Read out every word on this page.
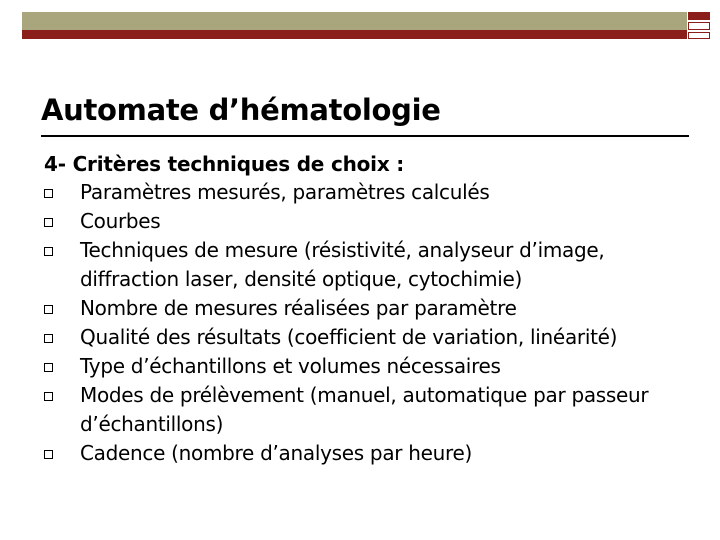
Automate d’hématologie

4- Critères techniques de choix :

Paramètres mesurés, paramètres calculés
Courbes
Techniques de mesure (résistivité, analyseur d’image, diffraction laser, densité optique, cytochimie)
Nombre de mesures réalisées par paramètre
Qualité des résultats (coefficient de variation, linéarité)
Type d’échantillons et volumes nécessaires
Modes de prélèvement (manuel, automatique par passeur d’échantillons)
Cadence (nombre d’analyses par heure)
